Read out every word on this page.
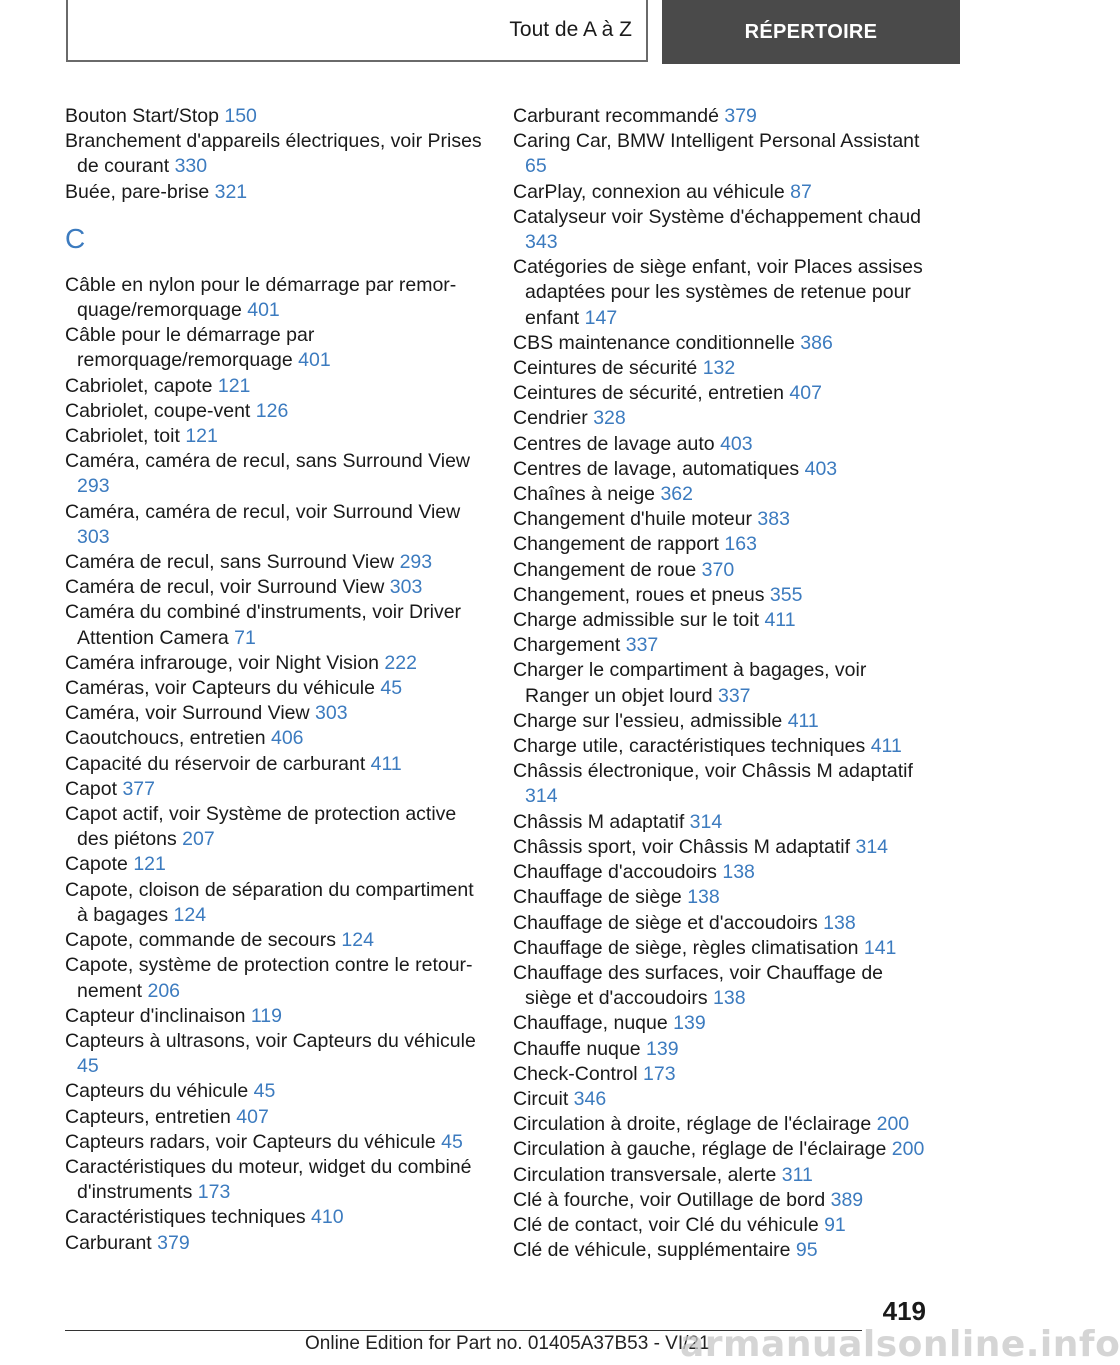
Tout de A à Z	RÉPERTOIRE

Bouton Start/Stop 150

Branchement d'appareils électriques, voir Prises de courant 330

Buée, pare-brise 321

C

Câble en nylon pour le démarrage par remorquage/remorquage 401

Câble pour le démarrage par remorquage/remorquage 401

Cabriolet, capote 121

Cabriolet, coupe-vent 126

Cabriolet, toit 121

Caméra, caméra de recul, sans Surround View 293

Caméra, caméra de recul, voir Surround View 303

Caméra de recul, sans Surround View 293

Caméra de recul, voir Surround View 303

Caméra du combiné d'instruments, voir Driver Attention Camera 71

Caméra infrarouge, voir Night Vision 222

Caméras, voir Capteurs du véhicule 45

Caméra, voir Surround View 303

Caoutchoucs, entretien 406

Capacité du réservoir de carburant 411

Capot 377

Capot actif, voir Système de protection active des piétons 207

Capote 121

Capote, cloison de séparation du compartiment à bagages 124

Capote, commande de secours 124

Capote, système de protection contre le retournement 206

Capteur d'inclinaison 119

Capteurs à ultrasons, voir Capteurs du véhicule 45

Capteurs du véhicule 45

Capteurs, entretien 407

Capteurs radars, voir Capteurs du véhicule 45

Caractéristiques du moteur, widget du combiné d'instruments 173

Caractéristiques techniques 410

Carburant 379

Carburant recommandé 379

Caring Car, BMW Intelligent Personal Assistant 65

CarPlay, connexion au véhicule 87

Catalyseur voir Système d'échappement chaud 343

Catégories de siège enfant, voir Places assises adaptées pour les systèmes de retenue pour enfant 147

CBS maintenance conditionnelle 386

Ceintures de sécurité 132

Ceintures de sécurité, entretien 407

Cendrier 328

Centres de lavage auto 403

Centres de lavage, automatiques 403

Chaînes à neige 362

Changement d'huile moteur 383

Changement de rapport 163

Changement de roue 370

Changement, roues et pneus 355

Charge admissible sur le toit 411

Chargement 337

Charger le compartiment à bagages, voir Ranger un objet lourd 337

Charge sur l'essieu, admissible 411

Charge utile, caractéristiques techniques 411

Châssis électronique, voir Châssis M adaptatif 314

Châssis M adaptatif 314

Châssis sport, voir Châssis M adaptatif 314

Chauffage d'accoudoirs 138

Chauffage de siège 138

Chauffage de siège et d'accoudoirs 138

Chauffage de siège, règles climatisation 141

Chauffage des surfaces, voir Chauffage de siège et d'accoudoirs 138

Chauffage, nuque 139

Chauffe nuque 139

Check-Control 173

Circuit 346

Circulation à droite, réglage de l'éclairage 200

Circulation à gauche, réglage de l'éclairage 200

Circulation transversale, alerte 311

Clé à fourche, voir Outillage de bord 389

Clé de contact, voir Clé du véhicule 91

Clé de véhicule, supplémentaire 95

419
Online Edition for Part no. 01405A37B53 - VI/21
armanualsonline.info
